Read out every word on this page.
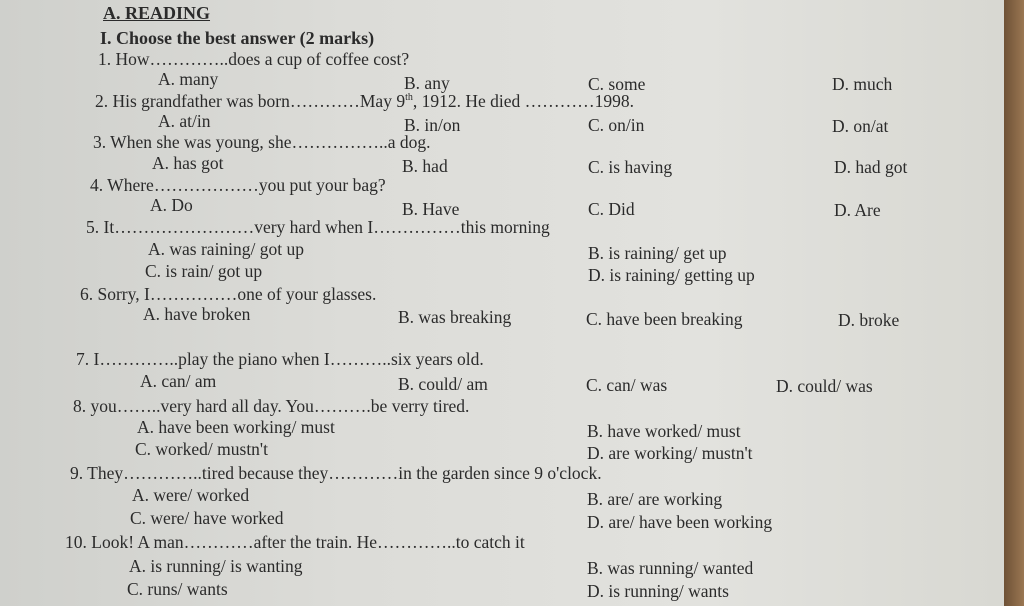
A. READING
I. Choose the best answer (2 marks)
1. How…………..does a cup of coffee cost?
A. many	B. any	C. some	D. much
2. His grandfather was born…………May 9th, 1912. He died …………1998.
A. at/in	B. in/on	C. on/in	D. on/at
3. When she was young, she……………..a dog.
A. has got	B. had	C. is having	D. had got
4. Where………………you put your bag?
A. Do	B. Have	C. Did	D. Are
5. It……………………very hard when I……………this morning
A. was raining/ got up	B. is raining/ get up
C. is rain/ got up	D. is raining/ getting up
6. Sorry, I……………one of your glasses.
A. have broken	B. was breaking	C. have been breaking	D. broke
7. I…………..play the piano when I………..six years old.
A. can/ am	B. could/ am	C. can/ was	D. could/ was
8. you……..very hard all day. You……….be verry tired.
A. have been working/ must	B. have worked/ must
C. worked/ mustn't	D. are working/ mustn't
9. They…………..tired because they…………in the garden since 9 o'clock.
A. were/ worked	B. are/ are working
C. were/ have worked	D. are/ have been working
10. Look! A man…………after the train. He…………..to catch it
A. is running/ is wanting	B. was running/ wanted
C. runs/ wants	D. is running/ wants
